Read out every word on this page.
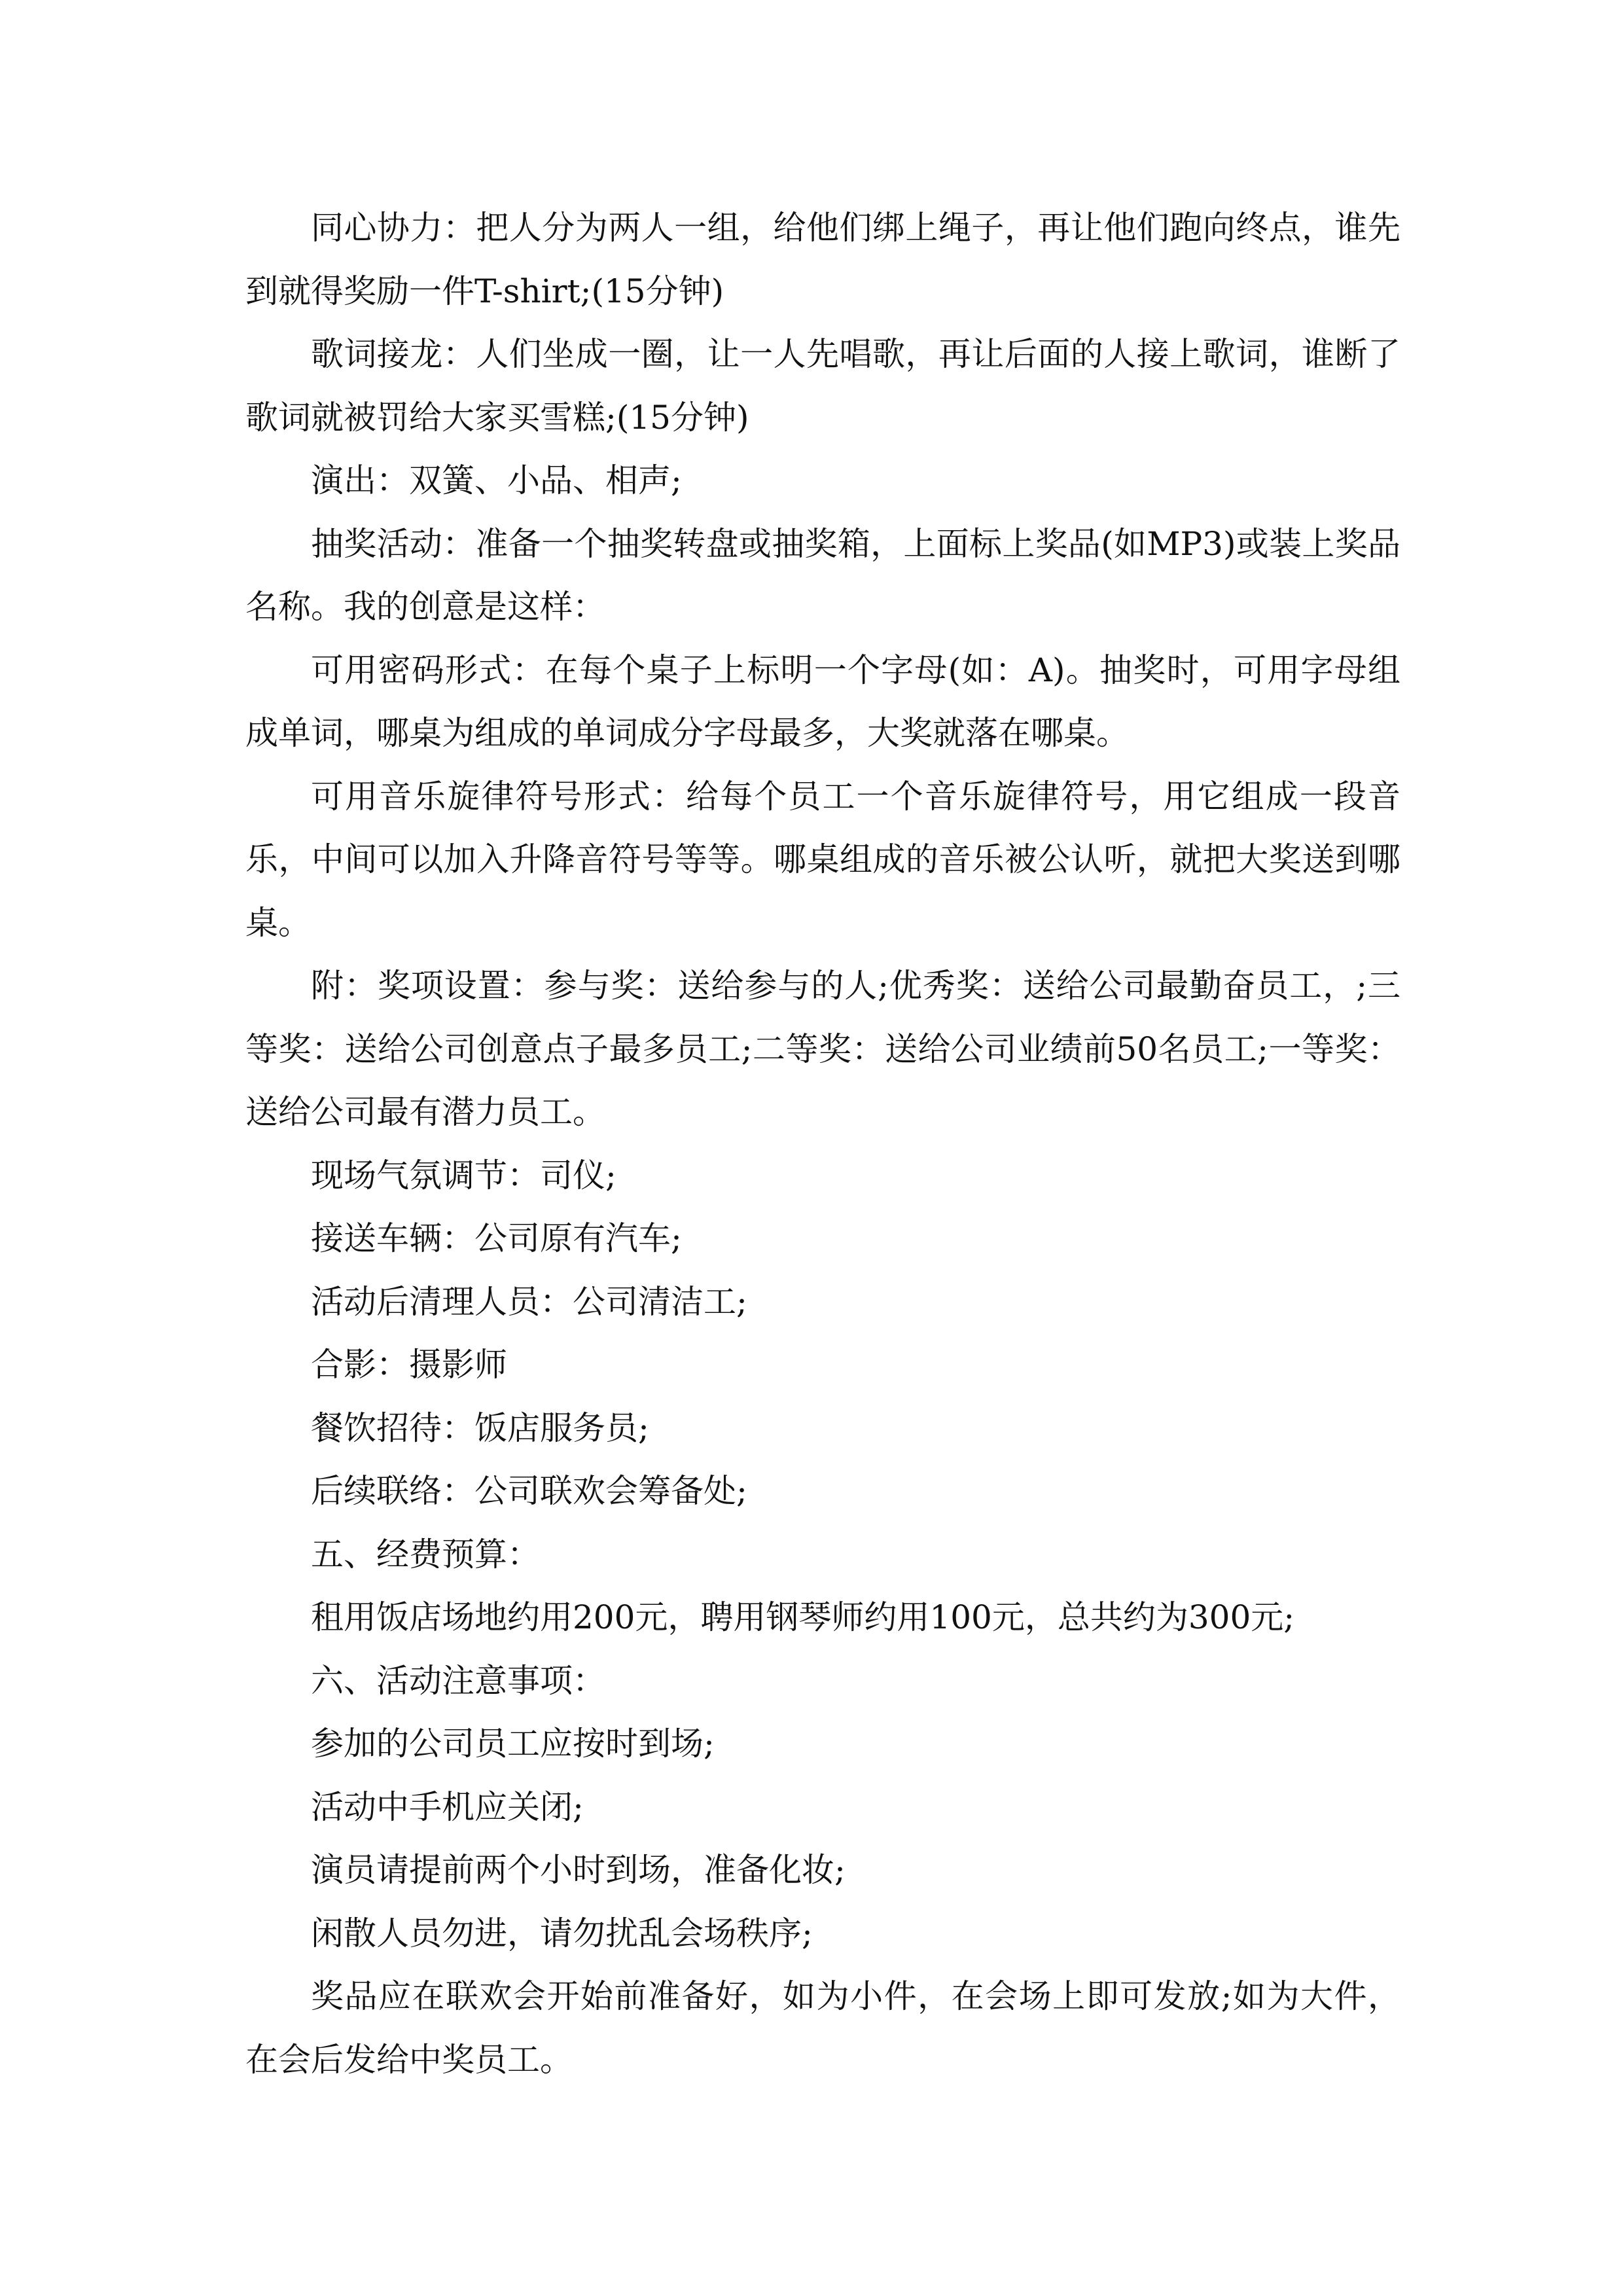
同心协力：把人分为两人一组，给他们绑上绳子，再让他们跑向终点，谁先到就得奖励一件T-shirt;(15分钟)

歌词接龙：人们坐成一圈，让一人先唱歌，再让后面的人接上歌词，谁断了歌词就被罚给大家买雪糕;(15分钟)

演出：双簧、小品、相声;

抽奖活动：准备一个抽奖转盘或抽奖箱，上面标上奖品(如MP3)或装上奖品名称。我的创意是这样：

可用密码形式：在每个桌子上标明一个字母(如：A)。抽奖时，可用字母组成单词，哪桌为组成的单词成分字母最多，大奖就落在哪桌。

可用音乐旋律符号形式：给每个员工一个音乐旋律符号，用它组成一段音乐，中间可以加入升降音符号等等。哪桌组成的音乐被公认听，就把大奖送到哪桌。

附：奖项设置：参与奖：送给参与的人;优秀奖：送给公司最勤奋员工，;三等奖：送给公司创意点子最多员工;二等奖：送给公司业绩前50名员工;一等奖：送给公司最有潜力员工。

现场气氛调节：司仪;

接送车辆：公司原有汽车;

活动后清理人员：公司清洁工;

合影：摄影师

餐饮招待：饭店服务员;

后续联络：公司联欢会筹备处;

五、经费预算：

租用饭店场地约用200元，聘用钢琴师约用100元，总共约为300元;

六、活动注意事项：

参加的公司员工应按时到场;

活动中手机应关闭;

演员请提前两个小时到场，准备化妆;

闲散人员勿进，请勿扰乱会场秩序;

奖品应在联欢会开始前准备好，如为小件，在会场上即可发放;如为大件，在会后发给中奖员工。
